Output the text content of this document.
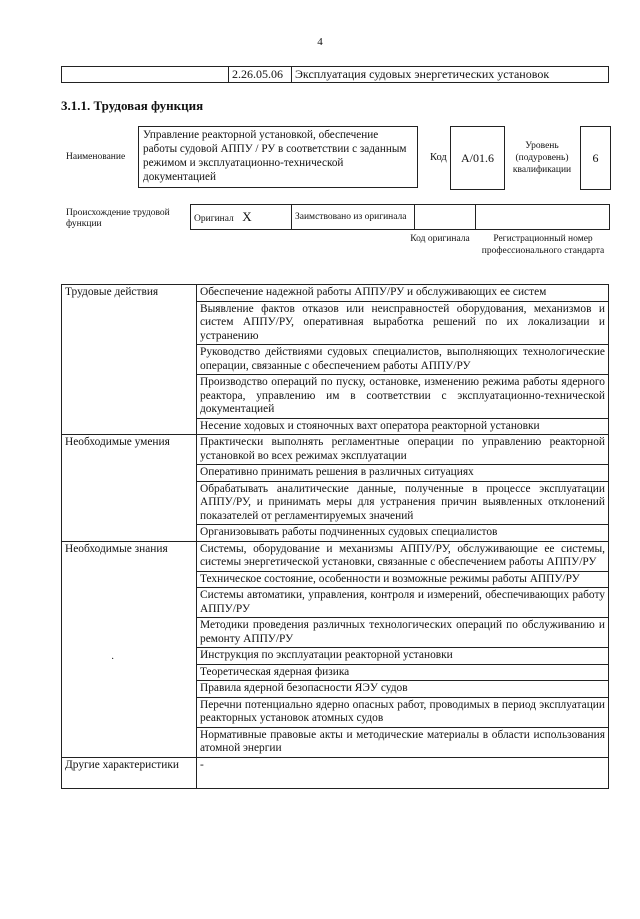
4
	2.26.05.06	Эксплуатация судовых энергетических установок
3.1.1. Трудовая функция
Наименование
Управление реакторной установкой, обеспечение работы судовой АППУ / РУ в соответствии с заданным режимом и эксплуатационно-технической документацией
Код	A/01.6
Уровень (подуровень) квалификации
6
Происхождение трудовой функции	Оригинал X	Заимствовано из оригинала		
Код оригинала	Регистрационный номер профессионального стандарта
Трудовые действия	Обеспечение надежной работы АППУ/РУ и обслуживающих ее систем
	Выявление фактов отказов или неисправностей оборудования, механизмов и систем АППУ/РУ, оперативная выработка решений по их локализации и устранению
	Руководство действиями судовых специалистов, выполняющих технологические операции, связанные с обеспечением работы АППУ/РУ
	Производство операций по пуску, остановке, изменению режима работы ядерного реактора, управлению им в соответствии с эксплуатационно-технической документацией
	Несение ходовых и стояночных вахт оператора реакторной установки
Необходимые умения	Практически выполнять регламентные операции по управлению реакторной установкой во всех режимах эксплуатации
	Оперативно принимать решения в различных ситуациях
	Обрабатывать аналитические данные, полученные в процессе эксплуатации АППУ/РУ, и принимать меры для устранения причин выявленных отклонений показателей от регламентируемых значений
	Организовывать работы подчиненных судовых специалистов
Необходимые знания	Системы, оборудование и механизмы АППУ/РУ, обслуживающие ее системы, системы энергетической установки, связанные с обеспечением работы АППУ/РУ
	Техническое состояние, особенности и возможные режимы работы АППУ/РУ
	Системы автоматики, управления, контроля и измерений, обеспечивающих работу АППУ/РУ
	Методики проведения различных технологических операций по обслуживанию и ремонту АППУ/РУ
	Инструкция по эксплуатации реакторной установки
	Теоретическая ядерная физика
	Правила ядерной безопасности ЯЭУ судов
	Перечни потенциально ядерно опасных работ, проводимых в период эксплуатации реакторных установок атомных судов
	Нормативные правовые акты и методические материалы в области использования атомной энергии
Другие характеристики	-
·
